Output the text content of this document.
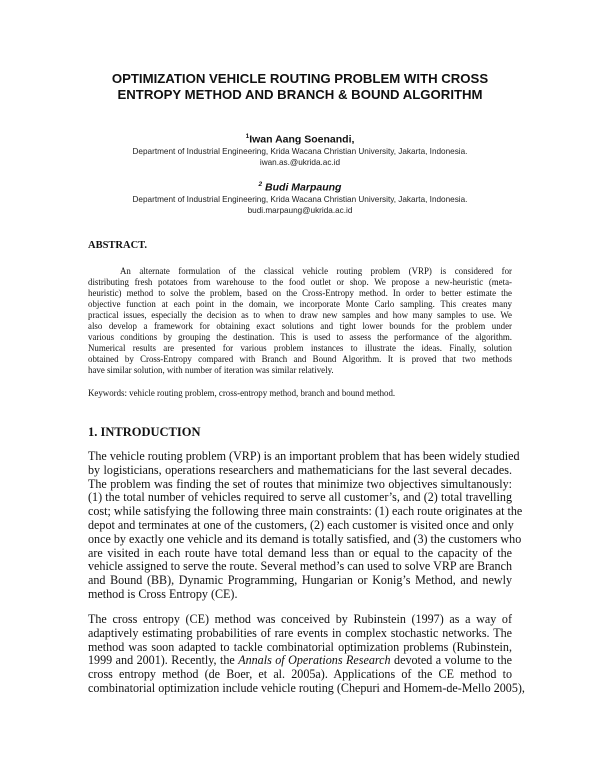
OPTIMIZATION VEHICLE ROUTING PROBLEM WITH CROSS
ENTROPY METHOD AND BRANCH & BOUND ALGORITHM
$^1$Iwan Aang Soenandi,
Department of Industrial Engineering, Krida Wacana Christian University, Jakarta, Indonesia.
iwan.as.@ukrida.ac.id
$^2$ Budi Marpaung
Department of Industrial Engineering, Krida Wacana Christian University, Jakarta, Indonesia.
budi.marpaung@ukrida.ac.id
ABSTRACT.
An alternate formulation of the classical vehicle routing problem (VRP) is considered for
distributing fresh potatoes from warehouse to the food outlet or shop. We propose a new-heuristic (meta-
heuristic) method to solve the problem, based on the Cross-Entropy method. In order to better estimate the
objective function at each point in the domain, we incorporate Monte Carlo sampling. This creates many
practical issues, especially the decision as to when to draw new samples and how many samples to use. We
also develop a framework for obtaining exact solutions and tight lower bounds for the problem under
various conditions by grouping the destination. This is used to assess the performance of the algorithm.
Numerical results are presented for various problem instances to illustrate the ideas. Finally, solution
obtained by Cross-Entropy compared with Branch and Bound Algorithm. It is proved that two methods
have similar solution, with number of iteration was similar relatively.
Keywords: vehicle routing problem, cross-entropy method, branch and bound method.
1. INTRODUCTION
The vehicle routing problem (VRP) is an important problem that has been widely studied
by logisticians, operations researchers and mathematicians for the last several decades.
The problem was finding the set of routes that minimize two objectives simultanously:
(1) the total number of vehicles required to serve all customer’s, and (2) total travelling
cost; while satisfying the following three main constraints: (1) each route originates at the
depot and terminates at one of the customers, (2) each customer is visited once and only
once by exactly one vehicle and its demand is totally satisfied, and (3) the customers who
are visited in each route have total demand less than or equal to the capacity of the
vehicle assigned to serve the route. Several method’s can used to solve VRP are Branch
and Bound (BB), Dynamic Programming, Hungarian or Konig’s Method, and newly
method is Cross Entropy (CE).
The cross entropy (CE) method was conceived by Rubinstein (1997) as a way of
adaptively estimating probabilities of rare events in complex stochastic networks. The
method was soon adapted to tackle combinatorial optimization problems (Rubinstein,
1999 and 2001). Recently, the Annals of Operations Research devoted a volume to the
cross entropy method (de Boer, et al. 2005a). Applications of the CE method to
combinatorial optimization include vehicle routing (Chepuri and Homem-de-Mello 2005),
